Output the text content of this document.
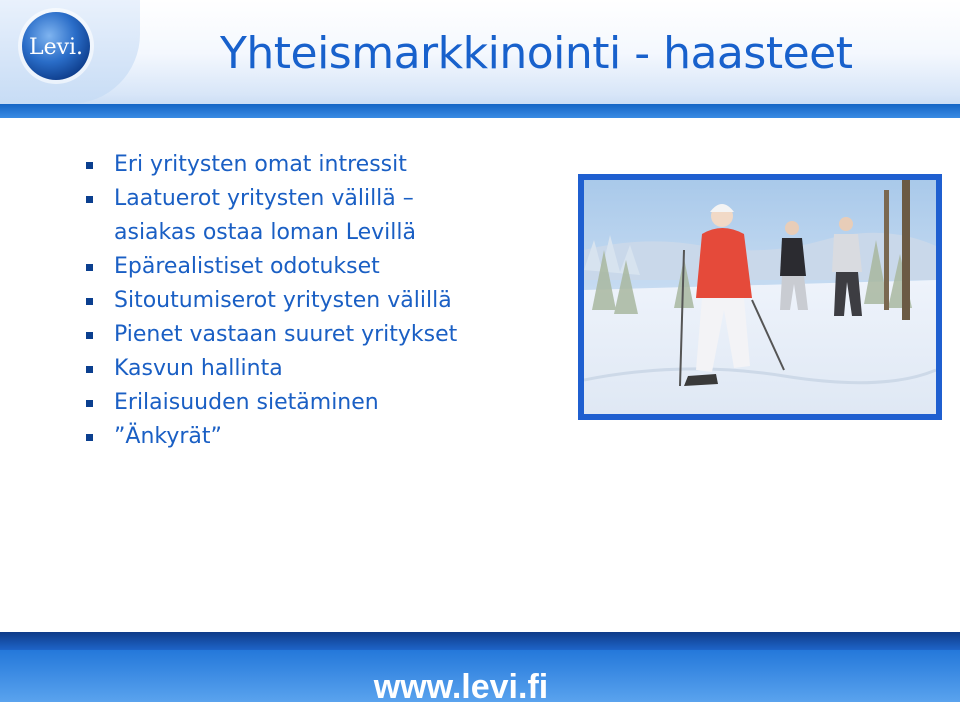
Levi.	Yhteismarkkinointi - haasteet
Eri yritysten omat intressit
Laatuerot yritysten välillä –
asiakas ostaa loman Levillä
Epärealistiset odotukset
Sitoutumiserot yritysten välillä
Pienet vastaan suuret yritykset
Kasvun hallinta
Erilaisuuden sietäminen
”Änkyrät”
www.levi.fi
